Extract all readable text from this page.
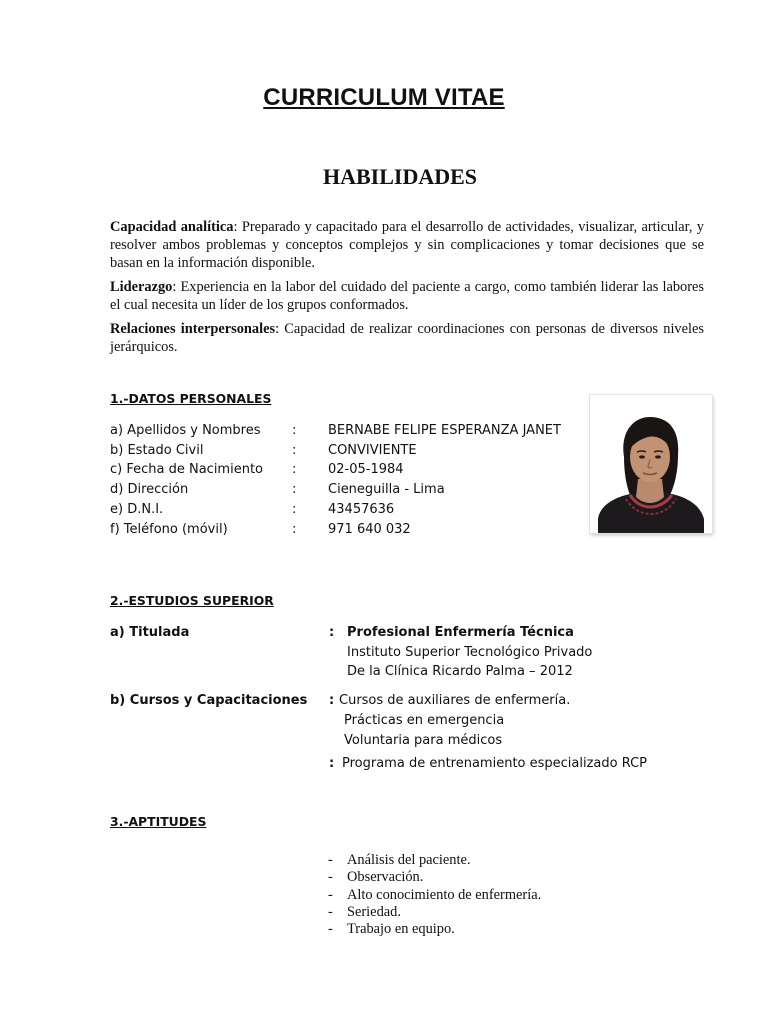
CURRICULUM VITAE
HABILIDADES

Capacidad analítica: Preparado y capacitado para el desarrollo de actividades, visualizar, articular, y resolver ambos problemas y conceptos complejos y sin complicaciones y tomar decisiones que se basan en la información disponible.

Liderazgo: Experiencia en la labor del cuidado del paciente a cargo, como también liderar las labores el cual necesita un líder de los grupos conformados.

Relaciones interpersonales: Capacidad de realizar coordinaciones con personas de diversos niveles jerárquicos.

1.-DATOS PERSONALES
a) Apellidos y Nombres : BERNABE FELIPE ESPERANZA JANET
b) Estado Civil	: CONVIVIENTE
c) Fecha de Nacimiento : 02-05-1984
d) Dirección	: Cieneguilla - Lima
e) D.N.I.	: 43457636
f) Teléfono (móvil)	: 971 640 032
2.-ESTUDIOS SUPERIOR
a) Titulada	: Profesional Enfermería Técnica
Instituto Superior Tecnológico Privado
De la Clínica Ricardo Palma – 2012
b) Cursos y Capacitaciones : Cursos de auxiliares de enfermería.
Prácticas en emergencia
Voluntaria para médicos
: Programa de entrenamiento especializado RCP
3.-APTITUDES
- Análisis del paciente.
- Observación.
- Alto conocimiento de enfermería.
- Seriedad.
- Trabajo en equipo.
